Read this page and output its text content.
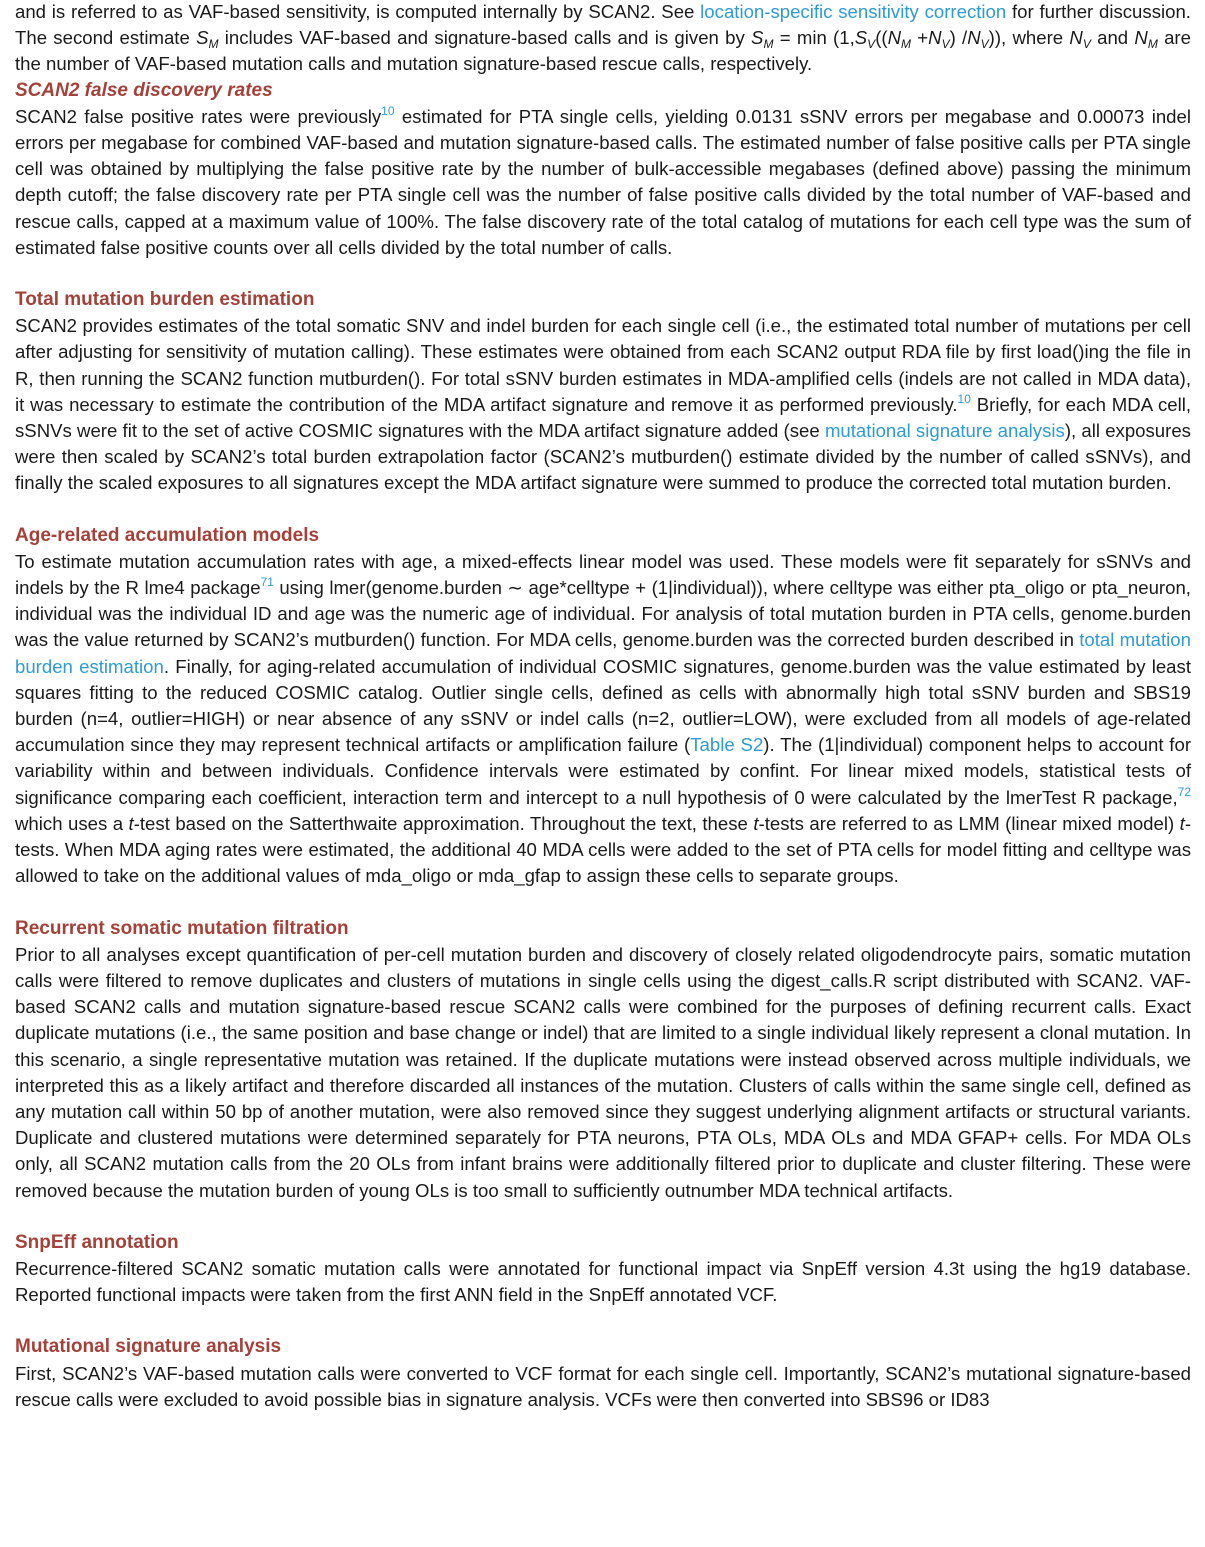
and is referred to as VAF-based sensitivity, is computed internally by SCAN2. See location-specific sensitivity correction for further discussion. The second estimate $S_M$ includes VAF-based and signature-based calls and is given by $S_M = \min (1,S_V((N_M +N_V)$ $/N_V$)), where $N_V$ and $N_M$ are the number of VAF-based mutation calls and mutation signature-based rescue calls, respectively.

SCAN2 false discovery rates

SCAN2 false positive rates were previously$^{10}$ estimated for PTA single cells, yielding 0.0131 sSNV errors per megabase and 0.00073 indel errors per megabase for combined VAF-based and mutation signature-based calls. The estimated number of false positive calls per PTA single cell was obtained by multiplying the false positive rate by the number of bulk-accessible megabases (defined above) passing the minimum depth cutoff; the false discovery rate per PTA single cell was the number of false positive calls divided by the total number of VAF-based and rescue calls, capped at a maximum value of 100%. The false discovery rate of the total catalog of mutations for each cell type was the sum of estimated false positive counts over all cells divided by the total number of calls.

Total mutation burden estimation

SCAN2 provides estimates of the total somatic SNV and indel burden for each single cell (i.e., the estimated total number of mutations per cell after adjusting for sensitivity of mutation calling). These estimates were obtained from each SCAN2 output RDA file by first load()ing the file in R, then running the SCAN2 function mutburden(). For total sSNV burden estimates in MDA-amplified cells (indels are not called in MDA data), it was necessary to estimate the contribution of the MDA artifact signature and remove it as performed previously.$^{10}$ Briefly, for each MDA cell, sSNVs were fit to the set of active COSMIC signatures with the MDA artifact signature added (see mutational signature analysis), all exposures were then scaled by SCAN2’s total burden extrapolation factor (SCAN2’s mutburden() estimate divided by the number of called sSNVs), and finally the scaled exposures to all signatures except the MDA artifact signature were summed to produce the corrected total mutation burden.

Age-related accumulation models

To estimate mutation accumulation rates with age, a mixed-effects linear model was used. These models were fit separately for sSNVs and indels by the R lme4 package$^{71}$ using lmer(genome.burden ∼ age*celltype + (1|individual)), where celltype was either pta_oligo or pta_neuron, individual was the individual ID and age was the numeric age of individual. For analysis of total mutation burden in PTA cells, genome.burden was the value returned by SCAN2’s mutburden() function. For MDA cells, genome.burden was the corrected burden described in total mutation burden estimation. Finally, for aging-related accumulation of individual COSMIC signatures, genome.burden was the value estimated by least squares fitting to the reduced COSMIC catalog. Outlier single cells, defined as cells with abnormally high total sSNV burden and SBS19 burden (n=4, outlier=HIGH) or near absence of any sSNV or indel calls (n=2, outlier=LOW), were excluded from all models of age-related accumulation since they may represent technical artifacts or amplification failure (Table S2). The (1|individual) component helps to account for variability within and between individuals. Confidence intervals were estimated by confint. For linear mixed models, statistical tests of significance comparing each coefficient, interaction term and intercept to a null hypothesis of 0 were calculated by the lmerTest R package,$^{72}$ which uses a t-test based on the Satterthwaite approximation. Throughout the text, these t-tests are referred to as LMM (linear mixed model) t-tests. When MDA aging rates were estimated, the additional 40 MDA cells were added to the set of PTA cells for model fitting and celltype was allowed to take on the additional values of mda_oligo or mda_gfap to assign these cells to separate groups.

Recurrent somatic mutation filtration

Prior to all analyses except quantification of per-cell mutation burden and discovery of closely related oligodendrocyte pairs, somatic mutation calls were filtered to remove duplicates and clusters of mutations in single cells using the digest_calls.R script distributed with SCAN2. VAF-based SCAN2 calls and mutation signature-based rescue SCAN2 calls were combined for the purposes of defining recurrent calls. Exact duplicate mutations (i.e., the same position and base change or indel) that are limited to a single individual likely represent a clonal mutation. In this scenario, a single representative mutation was retained. If the duplicate mutations were instead observed across multiple individuals, we interpreted this as a likely artifact and therefore discarded all instances of the mutation. Clusters of calls within the same single cell, defined as any mutation call within 50 bp of another mutation, were also removed since they suggest underlying alignment artifacts or structural variants. Duplicate and clustered mutations were determined separately for PTA neurons, PTA OLs, MDA OLs and MDA GFAP+ cells. For MDA OLs only, all SCAN2 mutation calls from the 20 OLs from infant brains were additionally filtered prior to duplicate and cluster filtering. These were removed because the mutation burden of young OLs is too small to sufficiently outnumber MDA technical artifacts.

SnpEff annotation

Recurrence-filtered SCAN2 somatic mutation calls were annotated for functional impact via SnpEff version 4.3t using the hg19 database. Reported functional impacts were taken from the first ANN field in the SnpEff annotated VCF.

Mutational signature analysis

First, SCAN2’s VAF-based mutation calls were converted to VCF format for each single cell. Importantly, SCAN2’s mutational signature-based rescue calls were excluded to avoid possible bias in signature analysis. VCFs were then converted into SBS96 or ID83
